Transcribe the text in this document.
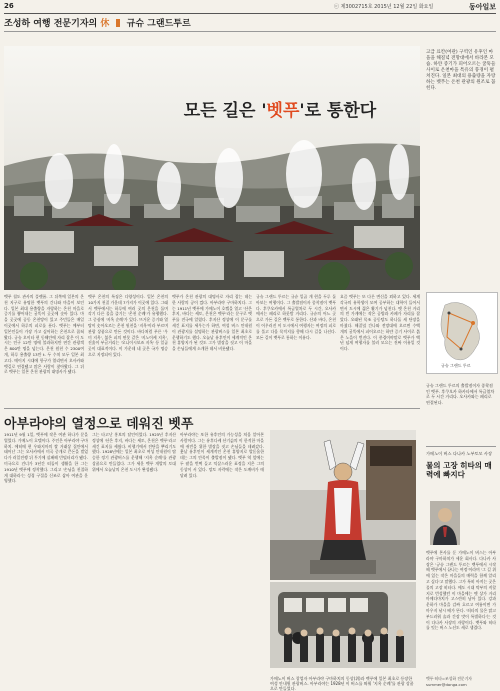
26	ⓒ 제3002715호 2015년 12월 22일 화요일	동아일보
조성하 여행 전문기자의 休 규슈 그랜드투르
모든 길은 '벳푸'로 통한다
고급 료칸(여관) 구역인 유후인 마을을 해질녘 전망대에서 바라본 모습. 하얀 증기가 피어오르는 굴뚝들 사이로 온천마을 특유의 풍경이 펼쳐진다. 일본 최대의 용출량을 자랑하는 벳푸는 온천 관광의 원조로 꼽힌다.
벳푸 철도 관사의 플랫폼. 그 뒤쪽에 일본의 온천 지구로 유명한 벳푸의 간나와 마을이 보인다. 일본 최대 용출량을 자랑하는 온천 마을로 증기를 뿜어내는 굴뚝이 곳곳에 솟아 있다. 마을 곳곳에 공동 온천탕이 있고 주민들은 매일 이곳에서 하루의 피로를 푼다. 벳푸는 예부터 일본인들이 가장 가고 싶어하는 온천으로 꼽혀 왔다. 규슈 오이타 현 동해안에 자리 잡은 이 도시는 인구 12만 명에 불과하지만 연간 관광객은 800만 명을 넘는다. 온천 원천 수 2300여 개, 하루 용출량 13만 t. 두 수치 모두 일본 최고다. 메이지 시대에 항구가 열리면서 오사카와 뱃길로 연결됐고 많은 사람이 찾아왔다. 그 뒤로 벳푸는 일본 온천 관광의 대명사가 됐다.
벳푸 온천의 특징은 다양성이다. 일본 온천의 10가지 천질 가운데 7가지가 이곳에 있다. 그래서 벳푸에서는 하루에 여러 곳의 온천을 돌며 각기 다른 물을 즐기는 '온천 순례'가 유행했다. 그 중심에 '지옥 순례'가 있다. 뜨거운 증기와 열탕이 솟아오르는 온천 원천을 '지옥'이라 부르며 관광 상품으로 만든 것이다. 바다처럼 푸른 '우미 지옥', 붉은 피의 연못 같은 '지노이케 지옥', 진흙이 부글거리는 '오니이시보즈 지옥' 등 일곱 곳이 대표적이다. 이 가운데 네 곳은 국가 명승으로 지정되어 있다.
벳푸가 온천 관광의 대명사로 자리 잡는 데는 한 사람의 공이 컸다. 아부라야 구마하치다. 그는 1911년 벳푸에 가메노이 호텔을 열고 '산은 후지, 바다는 세토, 온천은 벳푸'라는 문구로 벳푸를 전국에 알렸다. 후지산 정상에 이 문구를 새긴 표지를 세우는가 하면, 여성 버스 안내원이 관광지를 설명하는 관광버스를 일본 최초로 운행하기도 했다. 오늘날 유후인이 세계적인 온천 휴양지가 된 것도 그가 별장을 짓고 이 마을을 손님들에게 소개한 데서 비롯됐다.
규슈 그랜드 투르는 규슈 일곱 개 현을 두루 돌아보는 여행이다. 그 출발점이자 종착점이 벳푸다. 후쿠오카에서 특급열차로 두 시간, 오사카에서는 페리로 하룻밤 거리다. 규슈의 어느 곳으로 가든 길은 벳푸로 통한다. 산과 바다, 온천이 어우러진 이 도시에서 여행자는 여정의 피로를 풀고 다음 목적지를 향해 다시 길을 나선다. 모든 길이 벳푸로 통하는 이유다.
요즘 벳푸는 또 다른 변신을 꾀하고 있다. 세계 각국의 유학생이 모여 공부하는 대학이 들어서면서 도시에 젊은 활기가 넘친다. 옛 온천 거리의 빈 가게에는 작은 공방과 카페가 자리를 잡았다. 오래된 목조 공동탕도 하나둘 새 단장을 마쳤다. 해질녘 간나와 전망대에 오르면 수백 개의 굴뚝에서 피어오르는 하얀 증기 사이로 붉은 노을이 번진다. 이 풍경이야말로 벳푸가 백 년 넘게 여행자를 불러 모으는 진짜 이유일 것이다.
규슈 그랜드 투르
규슈 그랜드 투르의 출발점이자 종착점인 벳푸. 후쿠오카 하카타에서 특급열차로 두 시간 거리다. 오사카와는 페리로 연결된다.
아부라야의 열정으로 데워진 벳푸
1911년 9월 1일, 벳푸에 작은 여관 하나가 문을 열었다. 가메노이 호텔이다. 주인은 아부라야 구마하치. 에히메 현 우와지마의 쌀 거래상 집안에서 태어난 그는 오사카에서 미곡 중개로 큰돈을 벌었다가 러일전쟁 뒤 투기에 실패해 빈털터리가 됐다. 미국으로 건너가 3년간 떠돌이 생활을 한 그는 1910년 벳푸에 정착했다. 그리고 '손님을 친절하게 대하라'는 성경 구절을 신조로 삼아 여관을 운영했다.
그는 타고난 홍보의 달인이었다. 1925년 후지산 정상에 '산은 후지, 바다는 세토, 온천은 벳푸'라고 새긴 표지를 세웠다. 비행기에서 전단을 뿌리기도 했다. 1928년에는 일본 최초로 여성 안내원이 탑승한 정기 관광버스를 운행해 '지옥 순례'를 관광 상품으로 만들었다. 그가 세운 벳푸 개발의 토대 위에서 오늘날의 온천 도시가 완성됐다.
아부라야는 또한 유후인의 가능성을 처음 알아본 사람이다. 그는 유후다케 산기슭의 이 한적한 마을에 귀빈을 위한 별장을 짓고 손님들을 데려갔다. 훗날 유후인이 세계적인 온천 휴양지로 발돋움한 데는 그의 안목이 출발점이 됐다. 벳푸 역 앞에는 두 팔을 번쩍 들고 익살스러운 표정을 지은 그의 동상이 서 있다. 망토 자락에는 작은 도깨비가 매달려 있다.
가메노이 버스 창업자 아부라야 구마하치의 동상(위)과 벳푸에 일본 최초로 등장한 여성 안내원 관광버스. 아부라야는 1928년 이 버스를 띄워 '지옥 순례'를 관광 상품으로 만들었다.
가메노이 버스 다나카 노부토모 사장
물의 고장 히타의 매력에 빠지다
벳푸에 본사를 둔 가메노이 버스는 아부라야 구마하치가 세운 회사다. 다나카 사장은 '규슈 그랜드 투르는 벳푸에서 시작해 벳푸에서 끝나는 여정'이라며 '그 길 위에 있는 작은 마을들의 매력을 함께 알리고 싶다'고 말했다. 그가 특히 아끼는 곳은 물의 고장 히타다. 에도 시대 막부의 직할지로 번성했던 이 마을에는 옛 상가 거리 마메다마치가 고스란히 남아 있다. 강과 운하가 마을을 감싸 흐르고 여름이면 가마우지 낚시 배가 뜬다. '히타의 물은 맑고 부드러워 술과 간장 맛이 특별하다'는 것이 다나카 사장의 자랑이다. 벳푸와 히타를 잇는 버스 노선도 새로 생겼다.
벳푸·히타=조성하 전문기자 summer@donga.com
